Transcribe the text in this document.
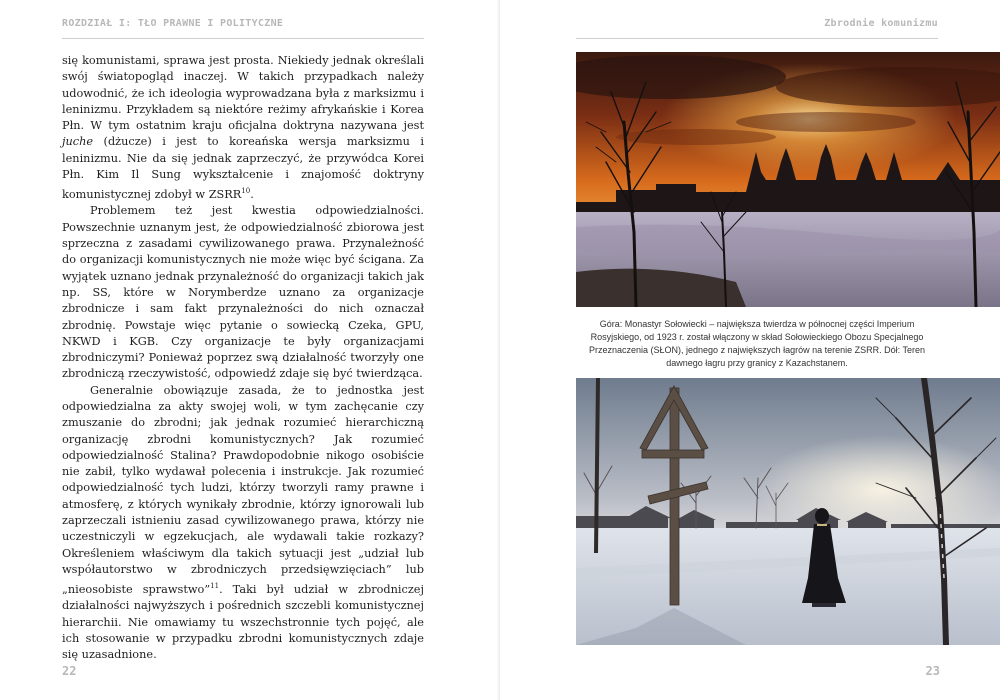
ROZDZIAŁ I: TŁO PRAWNE I POLITYCZNE

się komunistami, sprawa jest prosta. Niekiedy jednak określali swój światopogląd inaczej. W takich przypadkach należy udowodnić, że ich ideologia wyprowadzana była z marksizmu i leninizmu. Przykładem są niektóre reżimy afrykańskie i Korea Płn. W tym ostatnim kraju oficjalna doktryna nazywana jest juche (dżucze) i jest to koreańska wersja marksizmu i leninizmu. Nie da się jednak zaprzeczyć, że przywódca Korei Płn. Kim Il Sung wykształcenie i znajomość doktryny komunistycznej zdobył w ZSRR$^{10}$.

Problemem też jest kwestia odpowiedzialności. Powszechnie uznanym jest, że odpowiedzialność zbiorowa jest sprzeczna z zasadami cywilizowanego prawa. Przynależność do organizacji komunistycznych nie może więc być ścigana. Za wyjątek uznano jednak przynależność do organizacji takich jak np. SS, które w Norymberdze uznano za organizacje zbrodnicze i sam fakt przynależności do nich oznaczał zbrodnię. Powstaje więc pytanie o sowiecką Czeka, GPU, NKWD i KGB. Czy organizacje te były organizacjami zbrodniczymi? Ponieważ poprzez swą działalność tworzyły one zbrodniczą rzeczywistość, odpowiedź zdaje się być twierdząca.

Generalnie obowiązuje zasada, że to jednostka jest odpowiedzialna za akty swojej woli, w tym zachęcanie czy zmuszanie do zbrodni; jak jednak rozumieć hierarchiczną organizację zbrodni komunistycznych? Jak rozumieć odpowiedzialność Stalina? Prawdopodobnie nikogo osobiście nie zabił, tylko wydawał polecenia i instrukcje. Jak rozumieć odpowiedzialność tych ludzi, którzy tworzyli ramy prawne i atmosferę, z których wynikały zbrodnie, którzy ignorowali lub zaprzeczali istnieniu zasad cywilizowanego prawa, którzy nie uczestniczyli w egzekucjach, ale wydawali takie rozkazy? Określeniem właściwym dla takich sytuacji jest „udział lub współautorstwo w zbrodniczych przedsięwzięciach” lub „nieosobiste sprawstwo”$^{11}$. Taki był udział w zbrodniczej działalności najwyższych i pośrednich szczebli komunistycznej hierarchii. Nie omawiamy tu wszechstronnie tych pojęć, ale ich stosowanie w przypadku zbrodni komunistycznych zdaje się uzasadnione.

22
Zbrodnie komunizmu
Góra: Monastyr Sołowiecki – największa twierdza w północnej części Imperium Rosyjskiego, od 1923 r. został włączony w skład Sołowieckiego Obozu Specjalnego Przeznaczenia (SŁON), jednego z największych łagrów na terenie ZSRR. Dół: Teren dawnego łagru przy granicy z Kazachstanem.
23
